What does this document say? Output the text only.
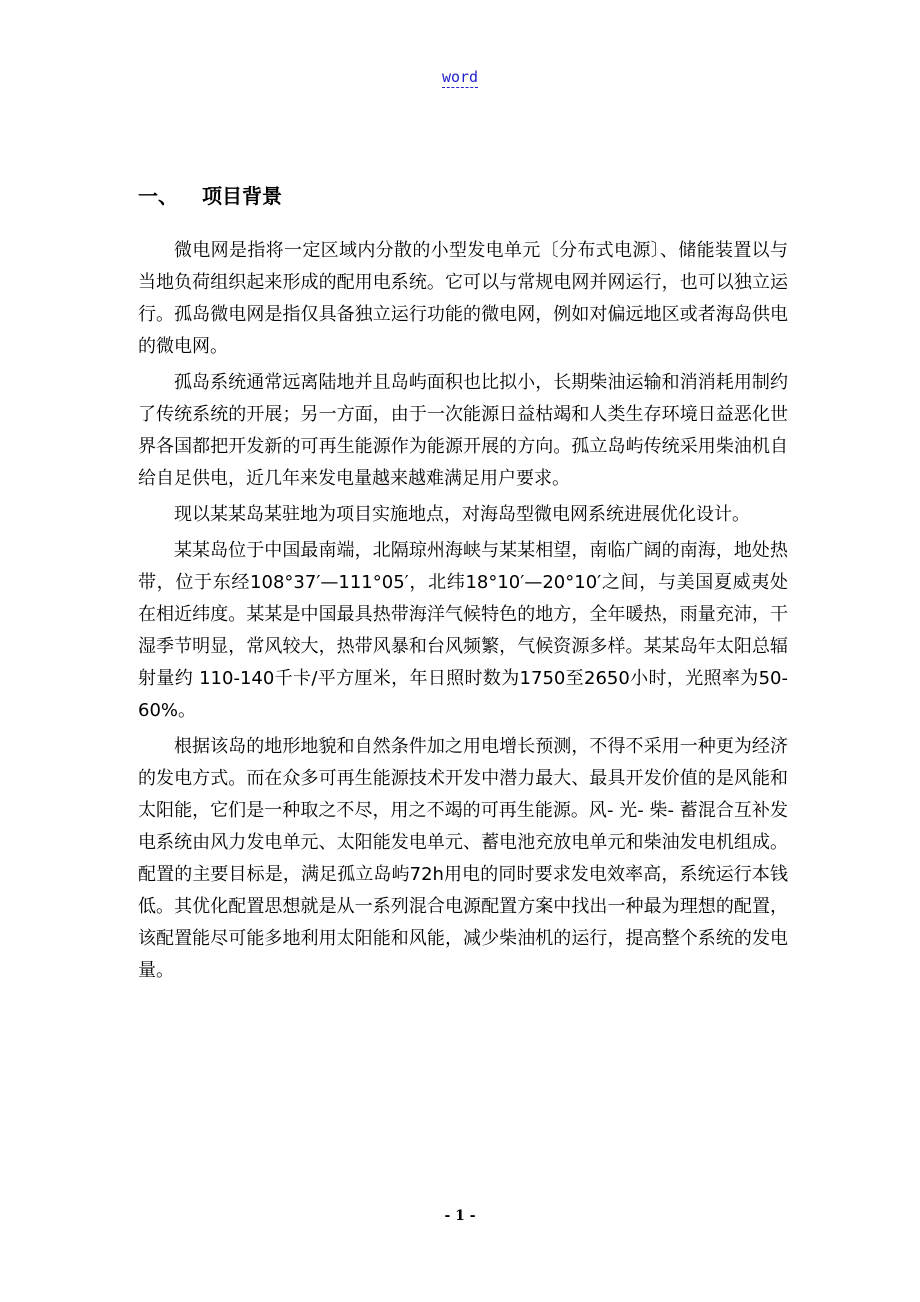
word
一、 项目背景

微电网是指将一定区域内分散的小型发电单元〔分布式电源〕、储能装置以与当地负荷组织起来形成的配用电系统。它可以与常规电网并网运行，也可以独立运行。孤岛微电网是指仅具备独立运行功能的微电网，例如对偏远地区或者海岛供电的微电网。

孤岛系统通常远离陆地并且岛屿面积也比拟小，长期柴油运输和消消耗用制约了传统系统的开展；另一方面，由于一次能源日益枯竭和人类生存环境日益恶化世界各国都把开发新的可再生能源作为能源开展的方向。孤立岛屿传统采用柴油机自给自足供电，近几年来发电量越来越难满足用户要求。

现以某某岛某驻地为项目实施地点，对海岛型微电网系统进展优化设计。

某某岛位于中国最南端，北隔琼州海峡与某某相望，南临广阔的南海，地处热带，位于东经108°37′—111°05′，北纬18°10′—20°10′之间，与美国夏威夷处在相近纬度。某某是中国最具热带海洋气候特色的地方，全年暖热，雨量充沛，干湿季节明显，常风较大，热带风暴和台风频繁，气候资源多样。某某岛年太阳总辐射量约 110-140千卡/平方厘米，年日照时数为1750至2650小时，光照率为50- 60%。

根据该岛的地形地貌和自然条件加之用电增长预测，不得不采用一种更为经济的发电方式。而在众多可再生能源技术开发中潜力最大、最具开发价值的是风能和太阳能，它们是一种取之不尽，用之不竭的可再生能源。风- 光- 柴- 蓄混合互补发电系统由风力发电单元、太阳能发电单元、蓄电池充放电单元和柴油发电机组成。配置的主要目标是，满足孤立岛屿72h用电的同时要求发电效率高，系统运行本钱低。其优化配置思想就是从一系列混合电源配置方案中找出一种最为理想的配置，该配置能尽可能多地利用太阳能和风能，减少柴油机的运行，提高整个系统的发电量。

- 1 -
